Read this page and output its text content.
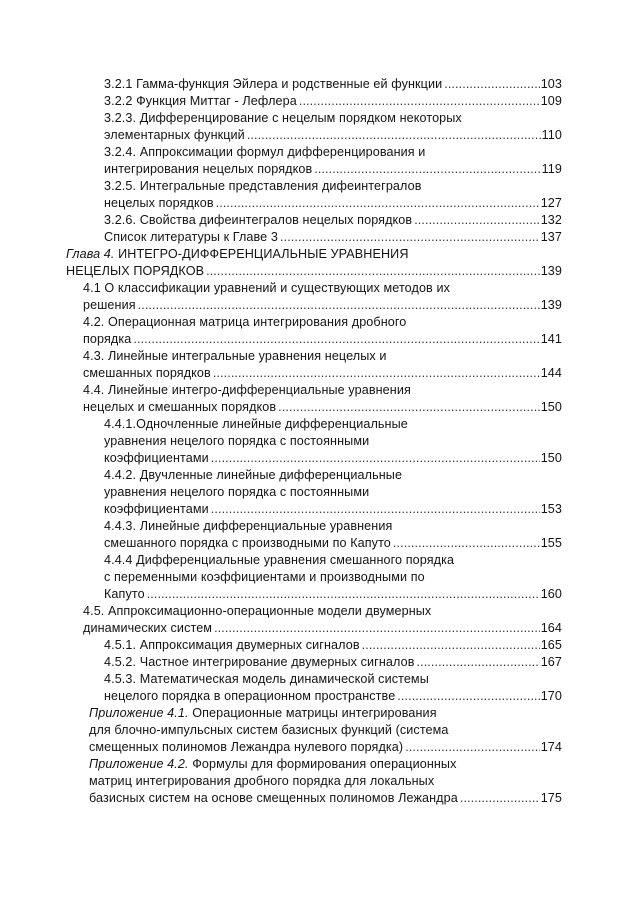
3.2.1 Гамма-функция Эйлера и родственные ей функции .....	103
3.2.2 Функция Миттаг - Лефлера .....	109
3.2.3. Дифференцирование с нецелым порядком некоторых
элементарных функций .....	110
3.2.4. Аппроксимации формул дифференцирования и
интегрирования нецелых порядков .....	119
3.2.5. Интегральные представления дифеинтегралов
нецелых порядков .....	127
3.2.6. Свойства дифеинтегралов нецелых порядков .....	132
Список литературы к Главе 3 .....	137
Глава 4. ИНТЕГРО-ДИФФЕРЕНЦИАЛЬНЫЕ УРАВНЕНИЯ
НЕЦЕЛЫХ ПОРЯДКОВ .....	139
4.1 О классификации уравнений и существующих методов их
решения .....	139
4.2. Операционная матрица интегрирования дробного
порядка .....	141
4.3. Линейные интегральные уравнения нецелых и
смешанных порядков .....	144
4.4. Линейные интегро-дифференциальные уравнения
нецелых и смешанных порядков .....	150
4.4.1.Одночленные линейные дифференциальные
уравнения нецелого порядка с постоянными
коэффициентами .....	150
4.4.2. Двучленные линейные дифференциальные
уравнения нецелого порядка с постоянными
коэффициентами .....	153
4.4.3. Линейные дифференциальные уравнения
смешанного порядка с производными по Капуто .....	155
4.4.4 Дифференциальные уравнения смешанного порядка
с переменными коэффициентами и производными по
Капуто .....	160
4.5. Аппроксимационно-операционные модели двумерных
динамических систем .....	164
4.5.1. Аппроксимация двумерных сигналов .....	165
4.5.2. Частное интегрирование двумерных сигналов .....	167
4.5.3. Математическая модель динамической системы
нецелого порядка в операционном пространстве .....	170
Приложение 4.1. Операционные матрицы интегрирования
для блочно-импульсных систем базисных функций (система
смещенных полиномов Лежандра нулевого порядка) .....	174
Приложение 4.2. Формулы для формирования операционных
матриц интегрирования дробного порядка для локальных
базисных систем на основе смещенных полиномов Лежандра .....	175
